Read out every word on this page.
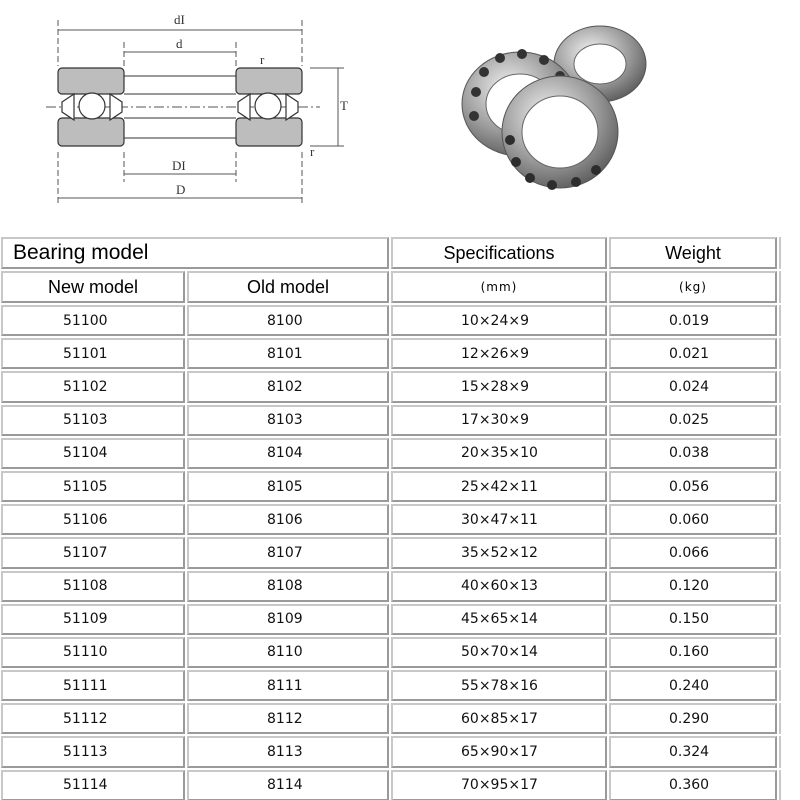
dI
d
r
T
DI
r
D
Bearing model	Specifications	Weight
New model	Old model	(mm)	(kg)
51100	8100	10×24×9	0.019
51101	8101	12×26×9	0.021
51102	8102	15×28×9	0.024
51103	8103	17×30×9	0.025
51104	8104	20×35×10	0.038
51105	8105	25×42×11	0.056
51106	8106	30×47×11	0.060
51107	8107	35×52×12	0.066
51108	8108	40×60×13	0.120
51109	8109	45×65×14	0.150
51110	8110	50×70×14	0.160
51111	8111	55×78×16	0.240
51112	8112	60×85×17	0.290
51113	8113	65×90×17	0.324
51114	8114	70×95×17	0.360
